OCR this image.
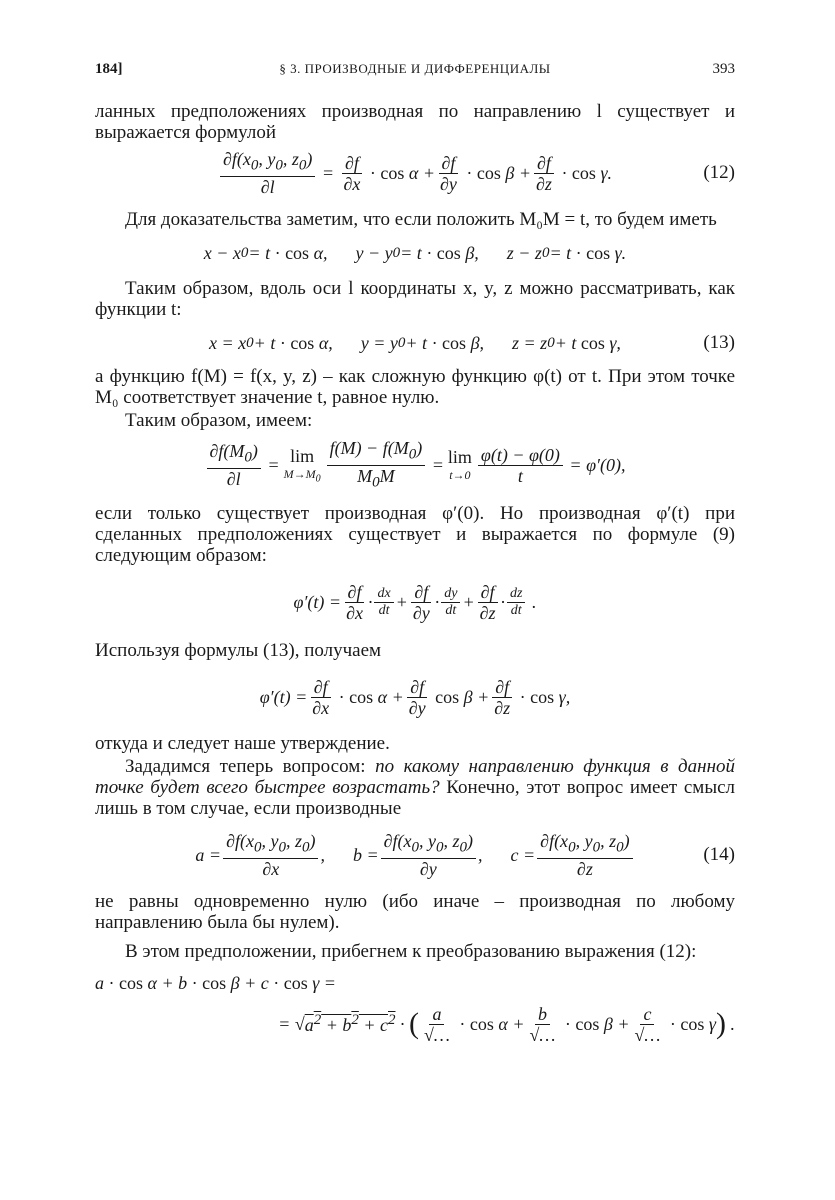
184]	§ 3. ПРОИЗВОДНЫЕ И ДИФФЕРЕНЦИАЛЫ	393

ланных предположениях производная по направлению l существует и выражается формулой

$\frac{\partial f(x_0, y_0, z_0)}{\partial l} = \frac{\partial f}{\partial x} \cdot \cos \alpha + \frac{\partial f}{\partial y} \cdot \cos \beta + \frac{\partial f}{\partial z} \cdot \cos \gamma$.	(12)

Для доказательства заметим, что если положить M₀M = t, то будем иметь

x − x 0 = t · cos α,
y − y 0 = t · cos β,
z − z 0 = t · cos γ.

Таким образом, вдоль оси l координаты x, y, z можно рассматривать, как функции t:

x = x 0 + t · cos α,
y = y 0 + t · cos β,
z = z 0 + t cos γ,	(13)

а функцию f(M) = f(x, y, z) – как сложную функцию φ(t) от t. При этом точке M₀ соответствует значение t, равное нулю.

Таким образом, имеем:

$\frac{\partial f(M_0)}{\partial l} = \lim$
$M\to M_0 \frac{f(M) - f(M_0)}{M_0M} = \lim$
$t\to 0 \frac{\varphi(t) - \varphi(0)}{t} = \varphi'(0)$,

если только существует производная φ′(0). Но производная φ′(t) при сделанных предположениях существует и выражается по формуле (9) следующим образом:

$\varphi'(t) = \frac{\partial f}{\partial x} \cdot \frac{dx}{dt} + \frac{\partial f}{\partial y} \cdot \frac{dy}{dt} + \frac{\partial f}{\partial z} \cdot \frac{dz}{dt}$ .

Используя формулы (13), получаем

$\varphi'(t) = \frac{\partial f}{\partial x} \cdot \cos \alpha + \frac{\partial f}{\partial y}$ $\cos \beta + \frac{\partial f}{\partial z} \cdot \cos \gamma$,

откуда и следует наше утверждение.

Зададимся теперь вопросом: по какому направлению функция в данной точке будет всего быстрее возрастать? Конечно, этот вопрос имеет смысл лишь в том случае, если производные

$a = \frac{\partial f(x_0, y_0, z_0)}{\partial x}$ ,
$b = \frac{\partial f(x_0, y_0, z_0)}{\partial y}$ ,
$c = \frac{\partial f(x_0, y_0, z_0)}{\partial z}$	(14)

не равны одновременно нулю (ибо иначе – производная по любому направлению была бы нулем).

В этом предположении, прибегнем к преобразованию выражения (12):

a · cos α + b · cos β + c · cos γ =
= √ $a^2 + b^2 + c^2$ · ( $\frac{a}{√\dots} \cdot \cos \alpha + \frac{b}{√\dots} \cdot \cos \beta + \frac{c}{√\dots} \cdot \cos \gamma$ ) .
